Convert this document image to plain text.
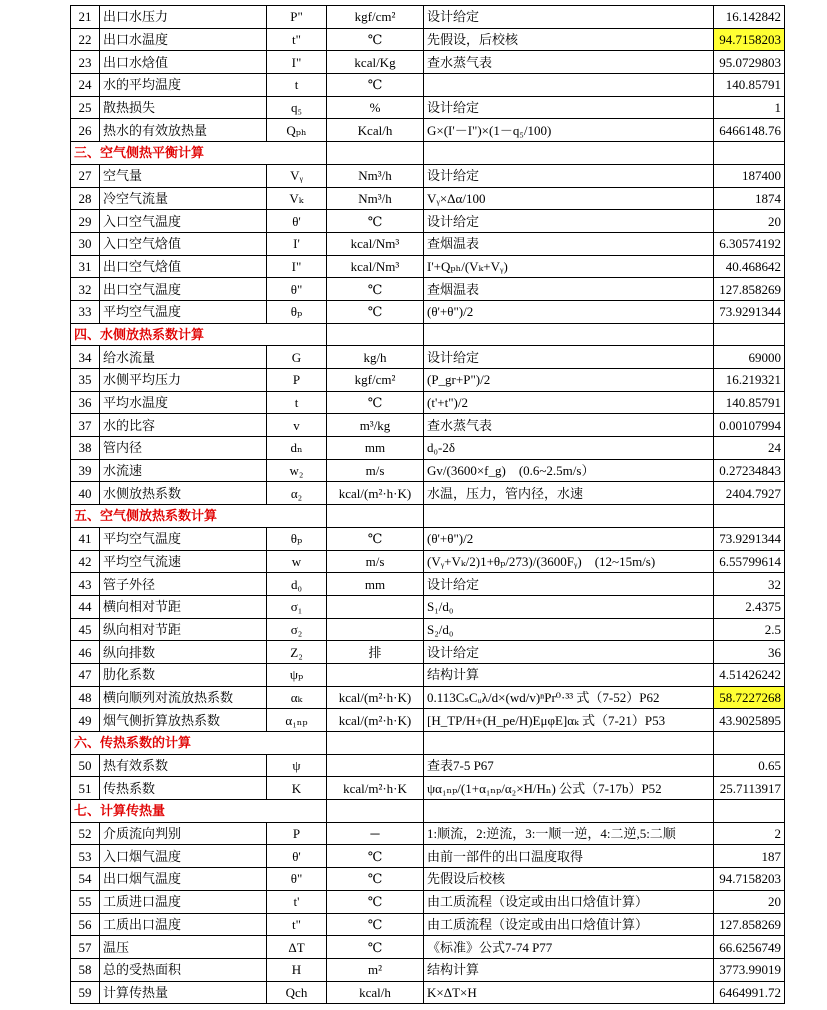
21	出口水压力	P"	kgf/cm²	设计给定	16.142842
22	出口水温度	t"	℃	先假设，后校核	94.7158203
23	出口水焓值	I"	kcal/Kg	查水蒸气表	95.0729803
24	水的平均温度	t	℃		140.85791
25	散热损失	q₅	%	设计给定	1
26	热水的有效放热量	Qₚₕ	Kcal/h	G×(I'－I")×(1－q₅/100)	6466148.76
三、空气侧热平衡计算					
27	空气量	Vᵧ	Nm³/h	设计给定	187400
28	冷空气流量	Vₖ	Nm³/h	Vᵧ×Δα/100	1874
29	入口空气温度	θ'	℃	设计给定	20
30	入口空气焓值	I'	kcal/Nm³	查烟温表	6.30574192
31	出口空气焓值	I"	kcal/Nm³	I'+Qₚₕ/(Vₖ+Vᵧ)	40.468642
32	出口空气温度	θ"	℃	查烟温表	127.858269
33	平均空气温度	θₚ	℃	(θ'+θ")/2	73.9291344
四、水侧放热系数计算					
34	给水流量	G	kg/h	设计给定	69000
35	水侧平均压力	P	kgf/cm²	(P_gr+P")/2	16.219321
36	平均水温度	t	℃	(t'+t")/2	140.85791
37	水的比容	v	m³/kg	查水蒸气表	0.00107994
38	管内径	dₙ	mm	d₀-2δ	24
39	水流速	w₂	m/s	Gv/(3600×f_g)　(0.6~2.5m/s）	0.27234843
40	水侧放热系数	α₂	kcal/(m²·h·K)	水温，压力，管内径，水速	2404.7927
五、空气侧放热系数计算					
41	平均空气温度	θₚ	℃	(θ'+θ")/2	73.9291344
42	平均空气流速	w	m/s	(Vᵧ+Vₖ/2)1+θₚ/273)/(3600Fᵧ)　(12~15m/s)	6.55799614
43	管子外径	d₀	mm	设计给定	32
44	横向相对节距	σ₁		S₁/d₀	2.4375
45	纵向相对节距	σ₂		S₂/d₀	2.5
46	纵向排数	Z₂	排	设计给定	36
47	肋化系数	ψₚ		结构计算	4.51426242
48	横向顺列对流放热系数	αₖ	kcal/(m²·h·K)	0.113CₛCᵤλ/d×(wd/v)ⁿPr⁰·³³ 式（7-52）P62	58.7227268
49	烟气侧折算放热系数	α₁ₙₚ	kcal/(m²·h·K)	[H_TP/H+(H_pe/H)EμφE]αₖ 式（7-21）P53	43.9025895
六、传热系数的计算					
50	热有效系数	ψ		查表7-5 P67	0.65
51	传热系数	K	kcal/m²·h·K	ψα₁ₙₚ/(1+α₁ₙₚ/α₂×H/Hₙ) 公式（7-17b）P52	25.7113917
七、计算传热量					
52	介质流向判别	P	─	1:顺流，2:逆流，3:一顺一逆，4:二逆,5:二顺	2
53	入口烟气温度	θ'	℃	由前一部件的出口温度取得	187
54	出口烟气温度	θ"	℃	先假设后校核	94.7158203
55	工质进口温度	t'	℃	由工质流程（设定或由出口焓值计算）	20
56	工质出口温度	t"	℃	由工质流程（设定或由出口焓值计算）	127.858269
57	温压	ΔT	℃	《标准》公式7-74 P77	66.6256749
58	总的受热面积	H	m²	结构计算	3773.99019
59	计算传热量	Qch	kcal/h	K×ΔT×H	6464991.72
